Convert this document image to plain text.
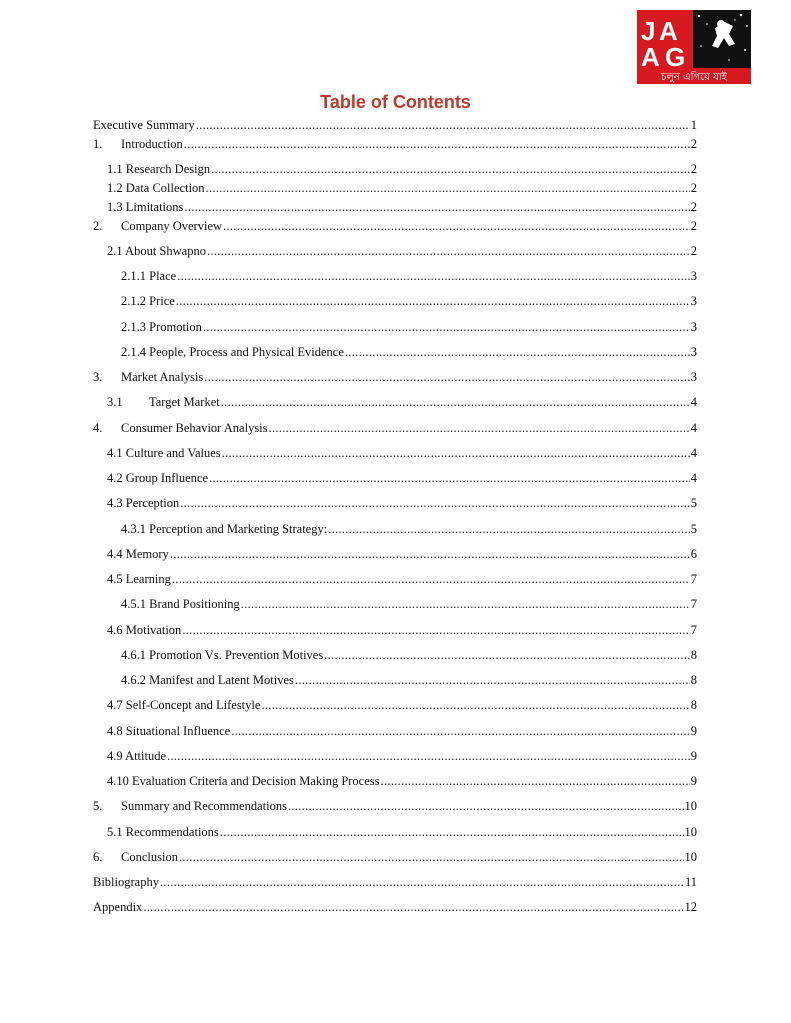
J A
A G
চলুন এগিয়ে যাই
Table of Contents
Executive Summary .....	1
1.	Introduction .....	2
1.1 Research Design .....	2
1.2 Data Collection .....	2
1.3 Limitations .....	2
2.	Company Overview .....	2
2.1 About Shwapno .....	2
2.1.1 Place .....	3
2.1.2 Price .....	3
2.1.3 Promotion .....	3
2.1.4 People, Process and Physical Evidence .....	3
3.	Market Analysis .....	3
3.1	Target Market .....	4
4.	Consumer Behavior Analysis .....	4
4.1 Culture and Values .....	4
4.2 Group Influence .....	4
4.3 Perception .....	5
4.3.1 Perception and Marketing Strategy: .....	5
4.4 Memory .....	6
4.5 Learning .....	7
4.5.1 Brand Positioning .....	7
4.6 Motivation .....	7
4.6.1 Promotion Vs. Prevention Motives .....	8
4.6.2 Manifest and Latent Motives .....	8
4.7 Self-Concept and Lifestyle .....	8
4.8 Situational Influence .....	9
4.9 Attitude .....	9
4.10 Evaluation Criteria and Decision Making Process .....	9
5.	Summary and Recommendations .....	10
5.1 Recommendations .....	10
6.	Conclusion .....	10
Bibliography .....	11
Appendix .....	12
